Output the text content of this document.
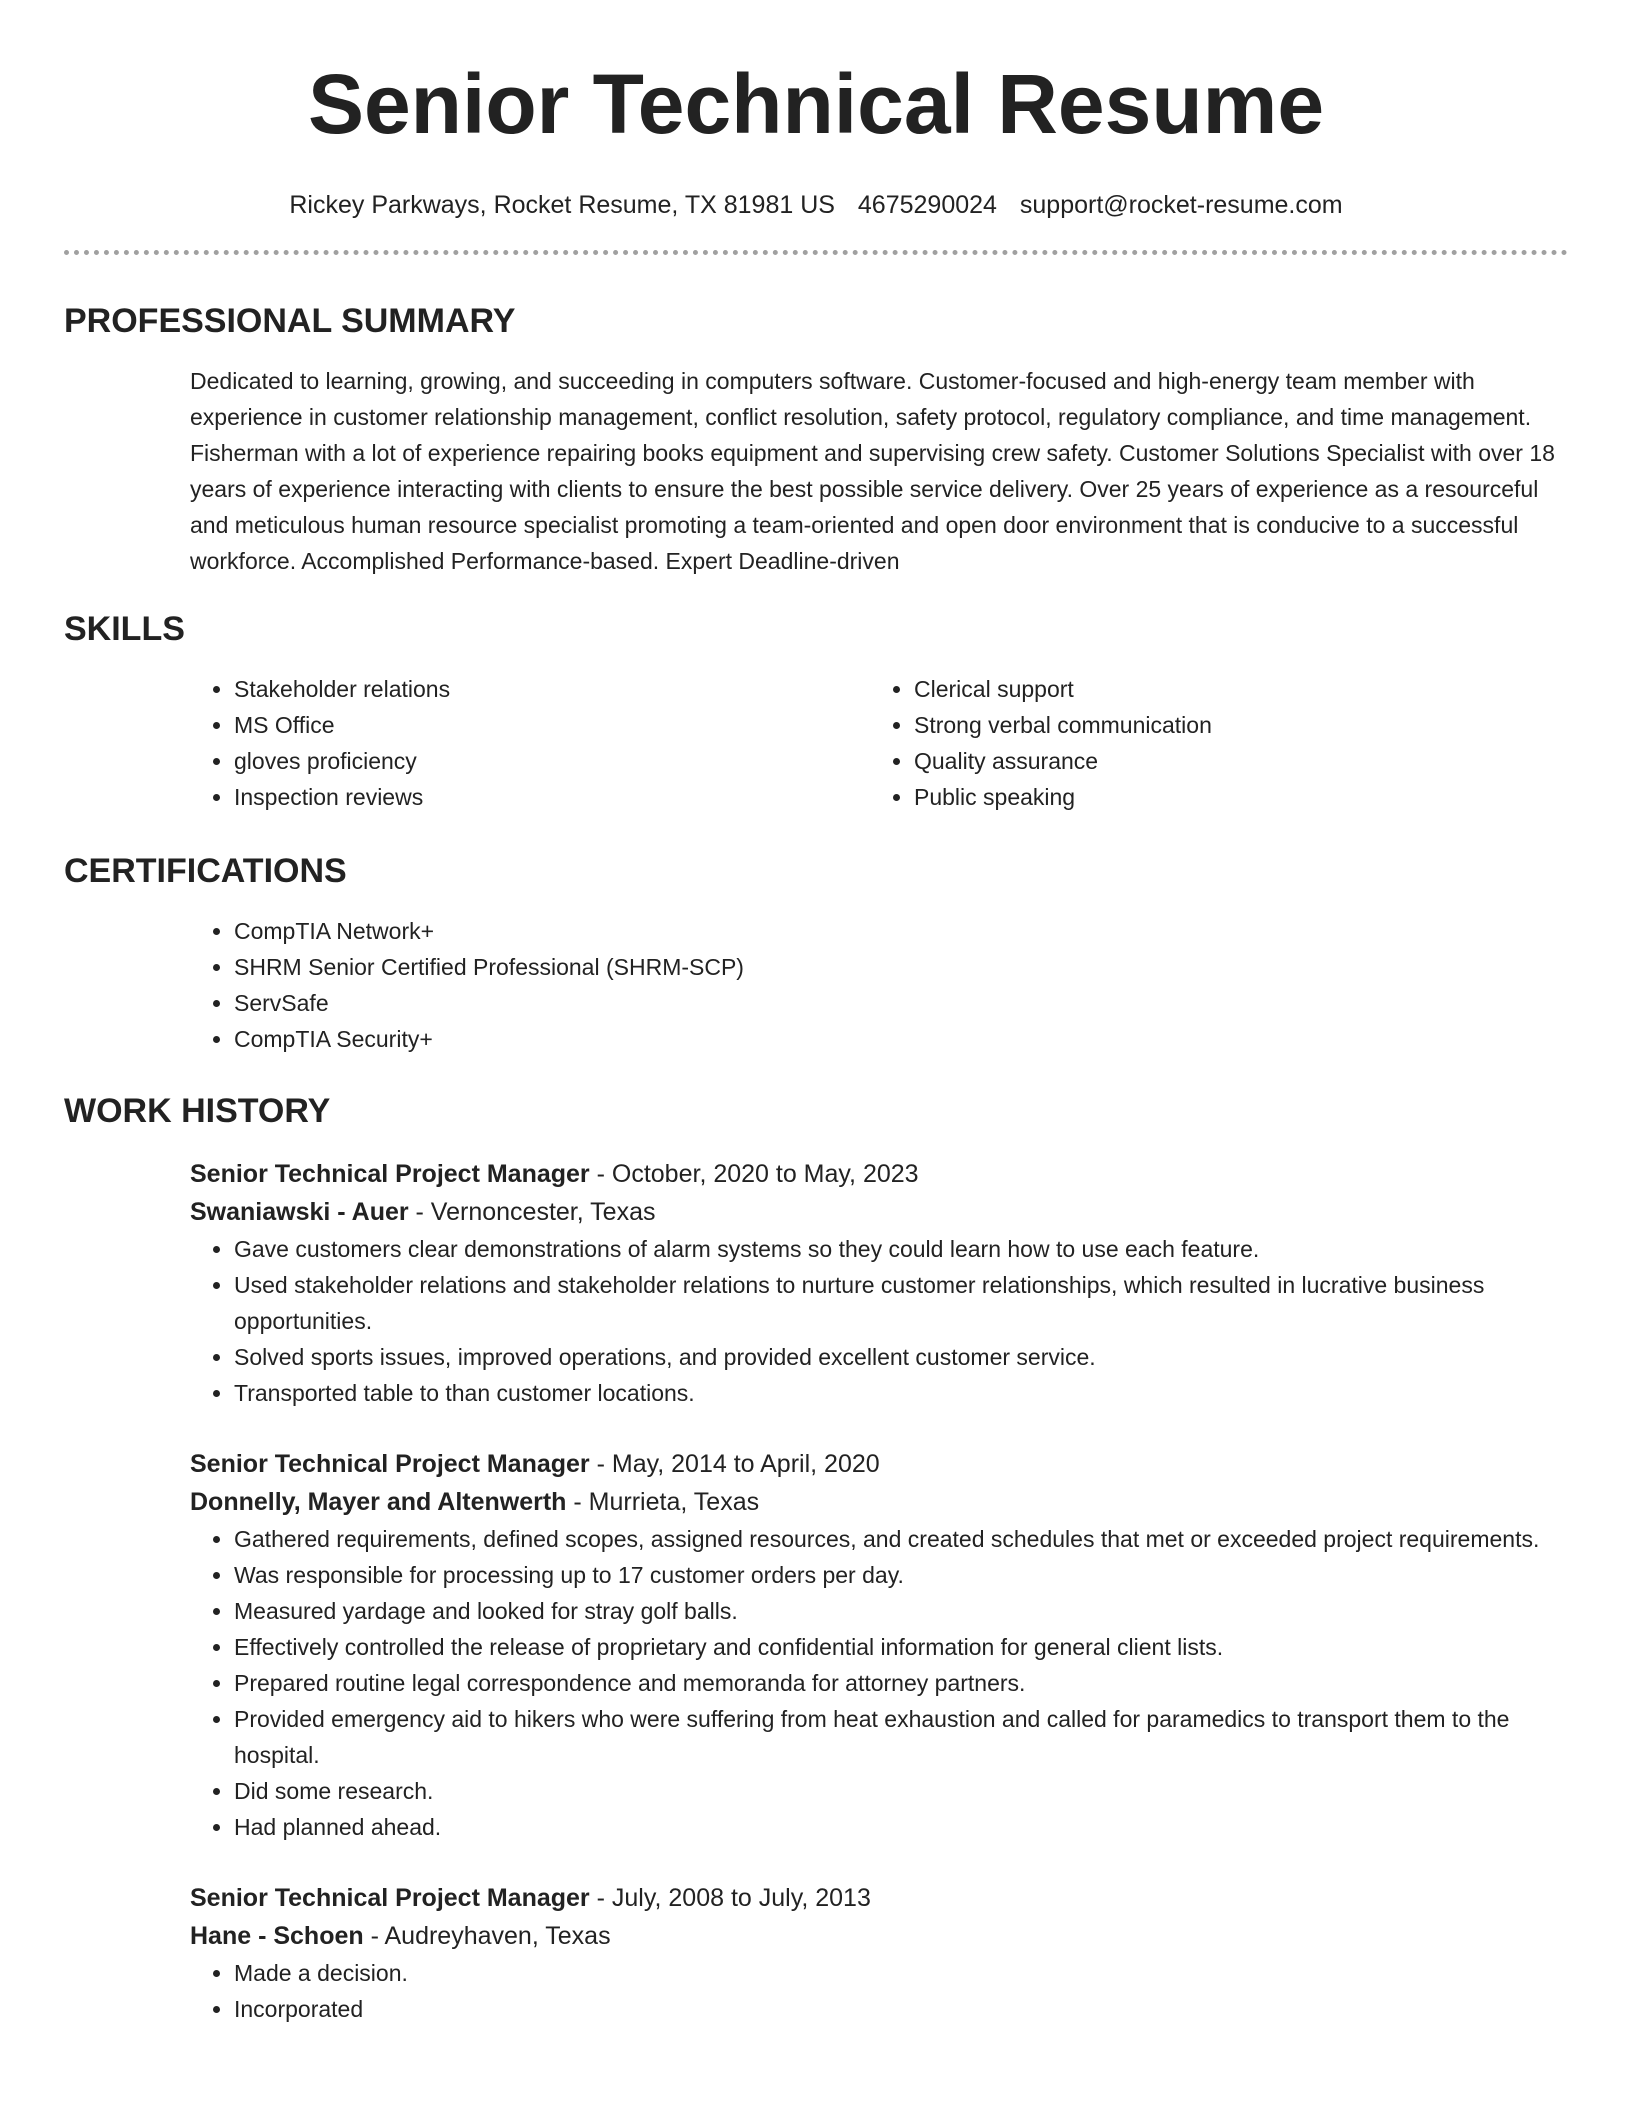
Senior Technical Resume
Rickey Parkways, Rocket Resume, TX 81981 US 4675290024 support@rocket-resume.com
PROFESSIONAL SUMMARY
Dedicated to learning, growing, and succeeding in computers software. Customer-focused and high-energy team member with experience in customer relationship management, conflict resolution, safety protocol, regulatory compliance, and time management. Fisherman with a lot of experience repairing books equipment and supervising crew safety. Customer Solutions Specialist with over 18 years of experience interacting with clients to ensure the best possible service delivery. Over 25 years of experience as a resourceful and meticulous human resource specialist promoting a team-oriented and open door environment that is conducive to a successful workforce. Accomplished Performance-based. Expert Deadline-driven
SKILLS
• Stakeholder relations
• MS Office
• gloves proficiency
• Inspection reviews
• Clerical support
• Strong verbal communication
• Quality assurance
• Public speaking
CERTIFICATIONS
• CompTIA Network+
• SHRM Senior Certified Professional (SHRM-SCP)
• ServSafe
• CompTIA Security+
WORK HISTORY
Senior Technical Project Manager - October, 2020 to May, 2023
Swaniawski - Auer - Vernoncester, Texas
• Gave customers clear demonstrations of alarm systems so they could learn how to use each feature.
• Used stakeholder relations and stakeholder relations to nurture customer relationships, which resulted in lucrative business opportunities.
• Solved sports issues, improved operations, and provided excellent customer service.
• Transported table to than customer locations.
Senior Technical Project Manager - May, 2014 to April, 2020
Donnelly, Mayer and Altenwerth - Murrieta, Texas
• Gathered requirements, defined scopes, assigned resources, and created schedules that met or exceeded project requirements.
• Was responsible for processing up to 17 customer orders per day.
• Measured yardage and looked for stray golf balls.
• Effectively controlled the release of proprietary and confidential information for general client lists.
• Prepared routine legal correspondence and memoranda for attorney partners.
• Provided emergency aid to hikers who were suffering from heat exhaustion and called for paramedics to transport them to the hospital.
• Did some research.
• Had planned ahead.
Senior Technical Project Manager - July, 2008 to July, 2013
Hane - Schoen - Audreyhaven, Texas
• Made a decision.
• Incorporated
